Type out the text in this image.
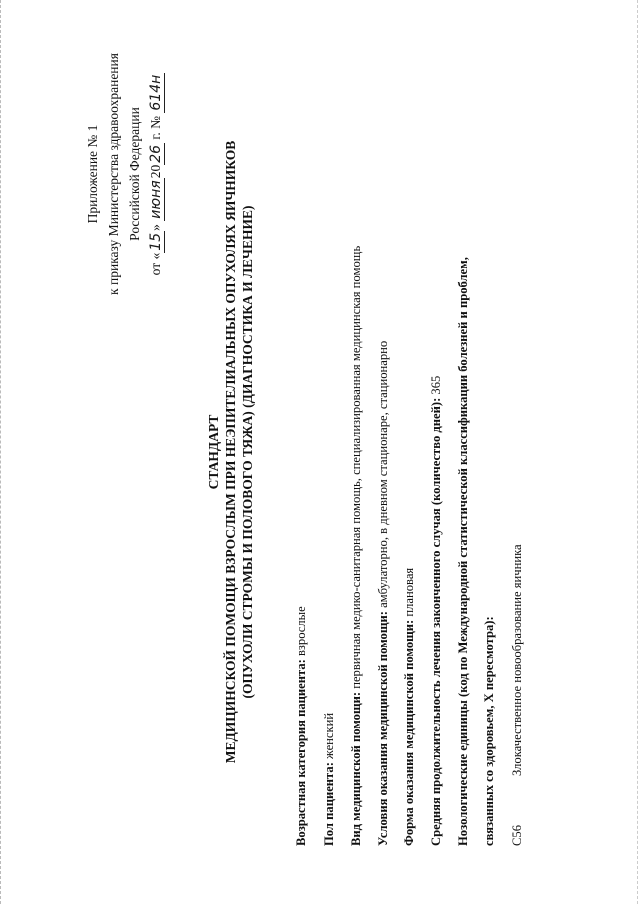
Приложение № 1 к приказу Министерства здравоохранения Российской Федерации
от «15» июня2026 г. № 614н
СТАНДАРТ МЕДИЦИНСКОЙ ПОМОЩИ ВЗРОСЛЫМ ПРИ НЕЭПИТЕЛИАЛЬНЫХ ОПУХОЛЯХ ЯИЧНИКОВ (ОПУХОЛИ СТРОМЫ И ПОЛОВОГО ТЯЖА) (ДИАГНОСТИКА И ЛЕЧЕНИЕ)
Возрастная категория пациента: взрослые
Пол пациента: женский Вид медицинской помощи: первичная медико-санитарная помощь, специализированная медицинская помощь
Условия оказания медицинской помощи: амбулаторно, в дневном стационаре, стационарно
Форма оказания медицинской помощи: плановая Средняя продолжительность лечения законченного случая (количество дней): 365 Нозологические единицы (код по Международной статистической классификации болезней и проблем, связанных со здоровьем, X пересмотра): C56Злокачественное новообразование яичника
